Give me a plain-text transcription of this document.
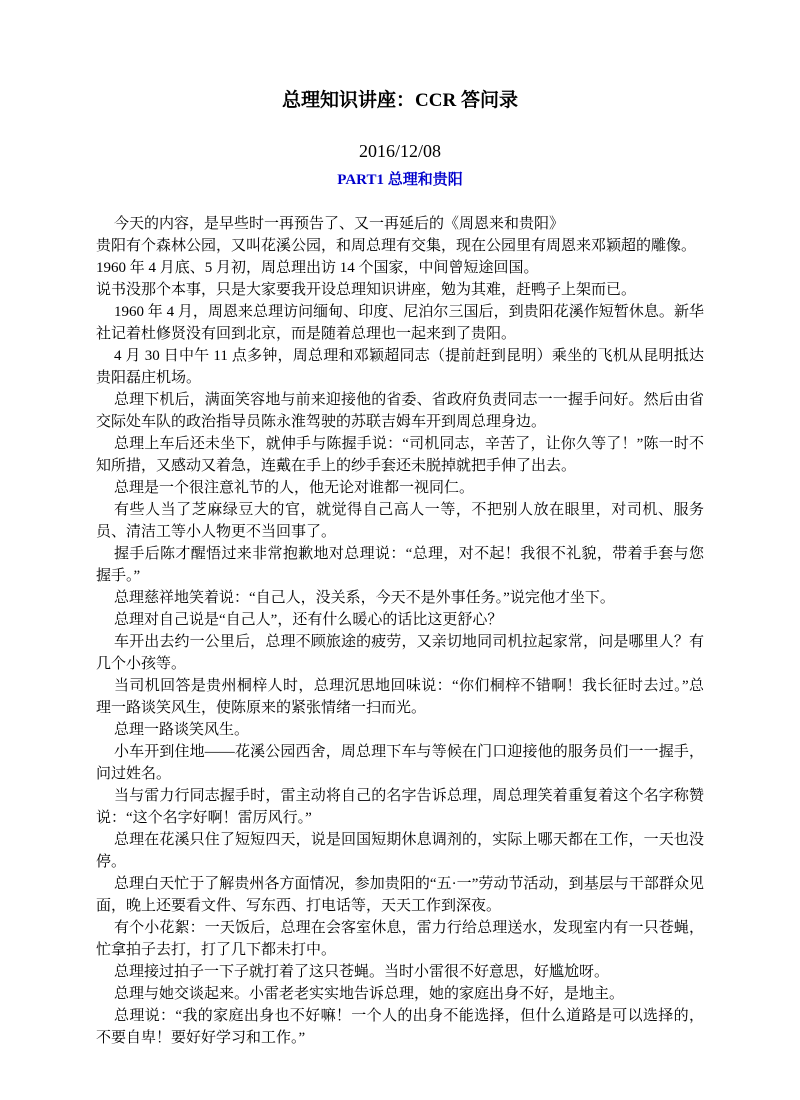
总理知识讲座：CCR 答问录
2016/12/08
PART1 总理和贵阳

今天的内容，是早些时一再预告了、又一再延后的《周恩来和贵阳》

贵阳有个森林公园，又叫花溪公园，和周总理有交集，现在公园里有周恩来邓颖超的雕像。

1960 年 4 月底、5 月初，周总理出访 14 个国家，中间曾短途回国。

说书没那个本事，只是大家要我开设总理知识讲座，勉为其难，赶鸭子上架而已。

1960 年 4 月，周恩来总理访问缅甸、印度、尼泊尔三国后，到贵阳花溪作短暂休息。新华社记着杜修贤没有回到北京，而是随着总理也一起来到了贵阳。

4 月 30 日中午 11 点多钟，周总理和邓颖超同志（提前赶到昆明）乘坐的飞机从昆明抵达贵阳磊庄机场。

总理下机后，满面笑容地与前来迎接他的省委、省政府负责同志一一握手问好。然后由省交际处车队的政治指导员陈永淮驾驶的苏联吉姆车开到周总理身边。

总理上车后还未坐下，就伸手与陈握手说：“司机同志，辛苦了，让你久等了！”陈一时不知所措，又感动又着急，连戴在手上的纱手套还未脱掉就把手伸了出去。

总理是一个很注意礼节的人，他无论对谁都一视同仁。

有些人当了芝麻绿豆大的官，就觉得自己高人一等，不把别人放在眼里，对司机、服务员、清洁工等小人物更不当回事了。

握手后陈才醒悟过来非常抱歉地对总理说：“总理，对不起！我很不礼貌，带着手套与您握手。”

总理慈祥地笑着说：“自己人，没关系，今天不是外事任务。”说完他才坐下。

总理对自己说是“自己人”，还有什么暖心的话比这更舒心？

车开出去约一公里后，总理不顾旅途的疲劳，又亲切地同司机拉起家常，问是哪里人？有几个小孩等。

当司机回答是贵州桐梓人时，总理沉思地回味说：“你们桐梓不错啊！我长征时去过。”总理一路谈笑风生，使陈原来的紧张情绪一扫而光。

总理一路谈笑风生。

小车开到住地——花溪公园西舍，周总理下车与等候在门口迎接他的服务员们一一握手，问过姓名。

当与雷力行同志握手时，雷主动将自己的名字告诉总理，周总理笑着重复着这个名字称赞说：“这个名字好啊！雷厉风行。”

总理在花溪只住了短短四天，说是回国短期休息调剂的，实际上哪天都在工作，一天也没停。

总理白天忙于了解贵州各方面情况，参加贵阳的“五·一”劳动节活动，到基层与干部群众见面，晚上还要看文件、写东西、打电话等，天天工作到深夜。

有个小花絮：一天饭后，总理在会客室休息，雷力行给总理送水，发现室内有一只苍蝇，忙拿拍子去打，打了几下都未打中。

总理接过拍子一下子就打着了这只苍蝇。当时小雷很不好意思，好尴尬呀。

总理与她交谈起来。小雷老老实实地告诉总理，她的家庭出身不好，是地主。

总理说：“我的家庭出身也不好嘛！一个人的出身不能选择，但什么道路是可以选择的，不要自卑！要好好学习和工作。”
